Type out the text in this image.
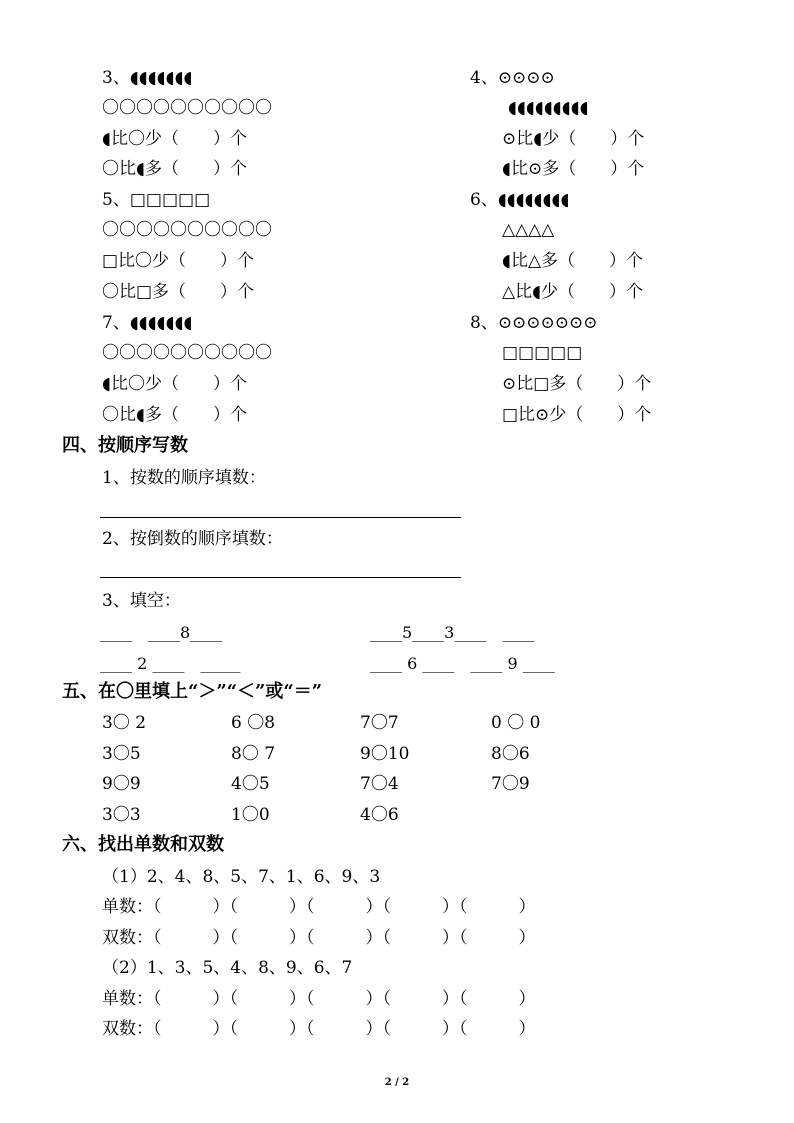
3、◖◖◖◖◖◖◖
〇〇〇〇〇〇〇〇〇〇
◖比〇少（　　）个
〇比◖多（　　）个
5、□□□□□
〇〇〇〇〇〇〇〇〇〇
□比〇少（　　）个
〇比□多（　　）个
7、◖◖◖◖◖◖◖
〇〇〇〇〇〇〇〇〇〇
◖比〇少（　　）个
〇比◖多（　　）个
4、⊙⊙⊙⊙
◖◖◖◖◖◖◖◖◖
⊙比◖少（　　）个
◖比⊙多（　　）个
6、◖◖◖◖◖◖◖◖
△△△△
◖比△多（　　）个
△比◖少（　　）个
8、⊙⊙⊙⊙⊙⊙⊙
□□□□□
⊙比□多（　　）个
□比⊙少（　　）个
四、按顺序写数
1、按数的顺序填数：
2、按倒数的顺序填数：
3、填空：
____　____8____	____5____3____　____
____ 2 ____　_____	____ 6 ____　____ 9 ____
五、在〇里填上“＞”“＜”或“＝”
3〇 2	6 〇8	7〇7	0 〇 0
3〇5	8〇 7	9〇10	8〇6
9〇9	4〇5	7〇4	7〇9
3〇3	1〇0	4〇6
六、找出单数和双数
（1）2、4、8、5、7、1、6、9、3
单数：（　　　）（　　　）（　　　）（　　　）（　　　）
双数：（　　　）（　　　）（　　　）（　　　）（　　　）
（2）1、3、5、4、8、9、6、7
单数：（　　　）（　　　）（　　　）（　　　）（　　　）
双数：（　　　）（　　　）（　　　）（　　　）（　　　）
2 / 2
